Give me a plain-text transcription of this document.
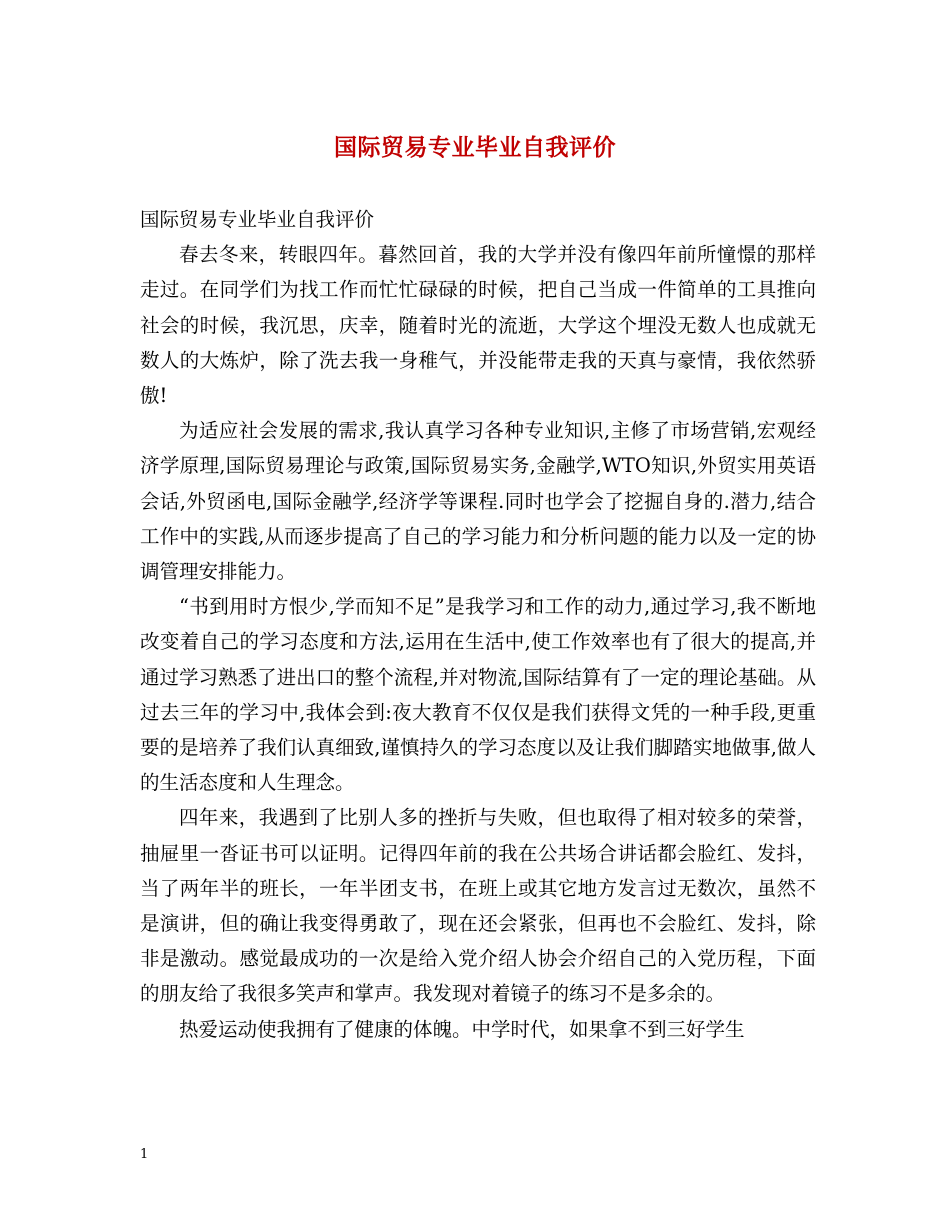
国际贸易专业毕业自我评价

国际贸易专业毕业自我评价

春去冬来，转眼四年。暮然回首，我的大学并没有像四年前所憧憬的那样走过。在同学们为找工作而忙忙碌碌的时候，把自己当成一件简单的工具推向社会的时候，我沉思，庆幸，随着时光的流逝，大学这个埋没无数人也成就无数人的大炼炉，除了洗去我一身稚气，并没能带走我的天真与豪情，我依然骄傲!

为适应社会发展的需求,我认真学习各种专业知识,主修了市场营销,宏观经济学原理,国际贸易理论与政策,国际贸易实务,金融学,WTO知识,外贸实用英语会话,外贸函电,国际金融学,经济学等课程.同时也学会了挖掘自身的.潜力,结合工作中的实践,从而逐步提高了自己的学习能力和分析问题的能力以及一定的协调管理安排能力。

“书到用时方恨少,学而知不足”是我学习和工作的动力,通过学习,我不断地改变着自己的学习态度和方法,运用在生活中,使工作效率也有了很大的提高,并通过学习熟悉了进出口的整个流程,并对物流,国际结算有了一定的理论基础。从过去三年的学习中,我体会到:夜大教育不仅仅是我们获得文凭的一种手段,更重要的是培养了我们认真细致,谨慎持久的学习态度以及让我们脚踏实地做事,做人的生活态度和人生理念。

四年来，我遇到了比别人多的挫折与失败，但也取得了相对较多的荣誉，抽屉里一沓证书可以证明。记得四年前的我在公共场合讲话都会脸红、发抖，当了两年半的班长，一年半团支书，在班上或其它地方发言过无数次，虽然不是演讲，但的确让我变得勇敢了，现在还会紧张，但再也不会脸红、发抖，除非是激动。感觉最成功的一次是给入党介绍人协会介绍自己的入党历程，下面的朋友给了我很多笑声和掌声。我发现对着镜子的练习不是多余的。

热爱运动使我拥有了健康的体魄。中学时代，如果拿不到三好学生

1
